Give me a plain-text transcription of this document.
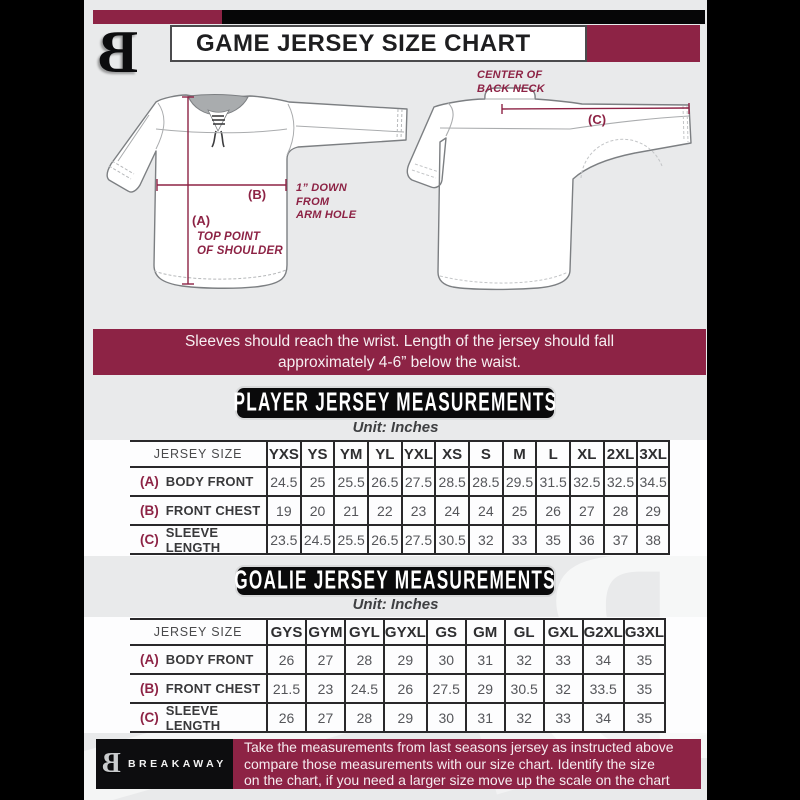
B GAME JERSEY SIZE CHART
CENTER OF
BACK NECK
(C)
(B)	1” DOWN
FROM
ARM HOLE
(A)
TOP POINT
OF SHOULDER
Sleeves should reach the wrist. Length of the jersey should fall
approximately 4-6” below the waist.
PLAYER JERSEY MEASUREMENTS
Unit: Inches
JERSEY SIZE	YXS YS YM YL YXL XS	S	M	L	XL 2XL 3XL
(A) BODY FRONT	24.5 25 25.5 26.5 27.5 28.5 28.5 29.5 31.5 32.5 32.5 34.5
(B) FRONT CHEST	19	20	21	22	23	24	24	25	26	27	28	29
(C) SLEEVE LENGTH	23.5 24.5 25.5 26.5 27.5 30.5 32	33	35	36	37	38
GOALIE JERSEY MEASUREMENTS
Unit: Inches
JERSEY SIZE	GYS GYM GYL GYXL GS	GM	GL GXL G2XL G3XL
(A) BODY FRONT	26	27	28	29	30	31	32	33	34	35
(B) FRONT CHEST 21.5	23	24.5	26	27.5	29	30.5	32	33.5	35
(C) SLEEVE LENGTH	26	27	28	29	30	31	32	33	34	35
B BREAKAWAY
Take the measurements from last seasons jersey as instructed above
compare those measurements with our size chart. Identify the size
on the chart, if you need a larger size move up the scale on the chart
